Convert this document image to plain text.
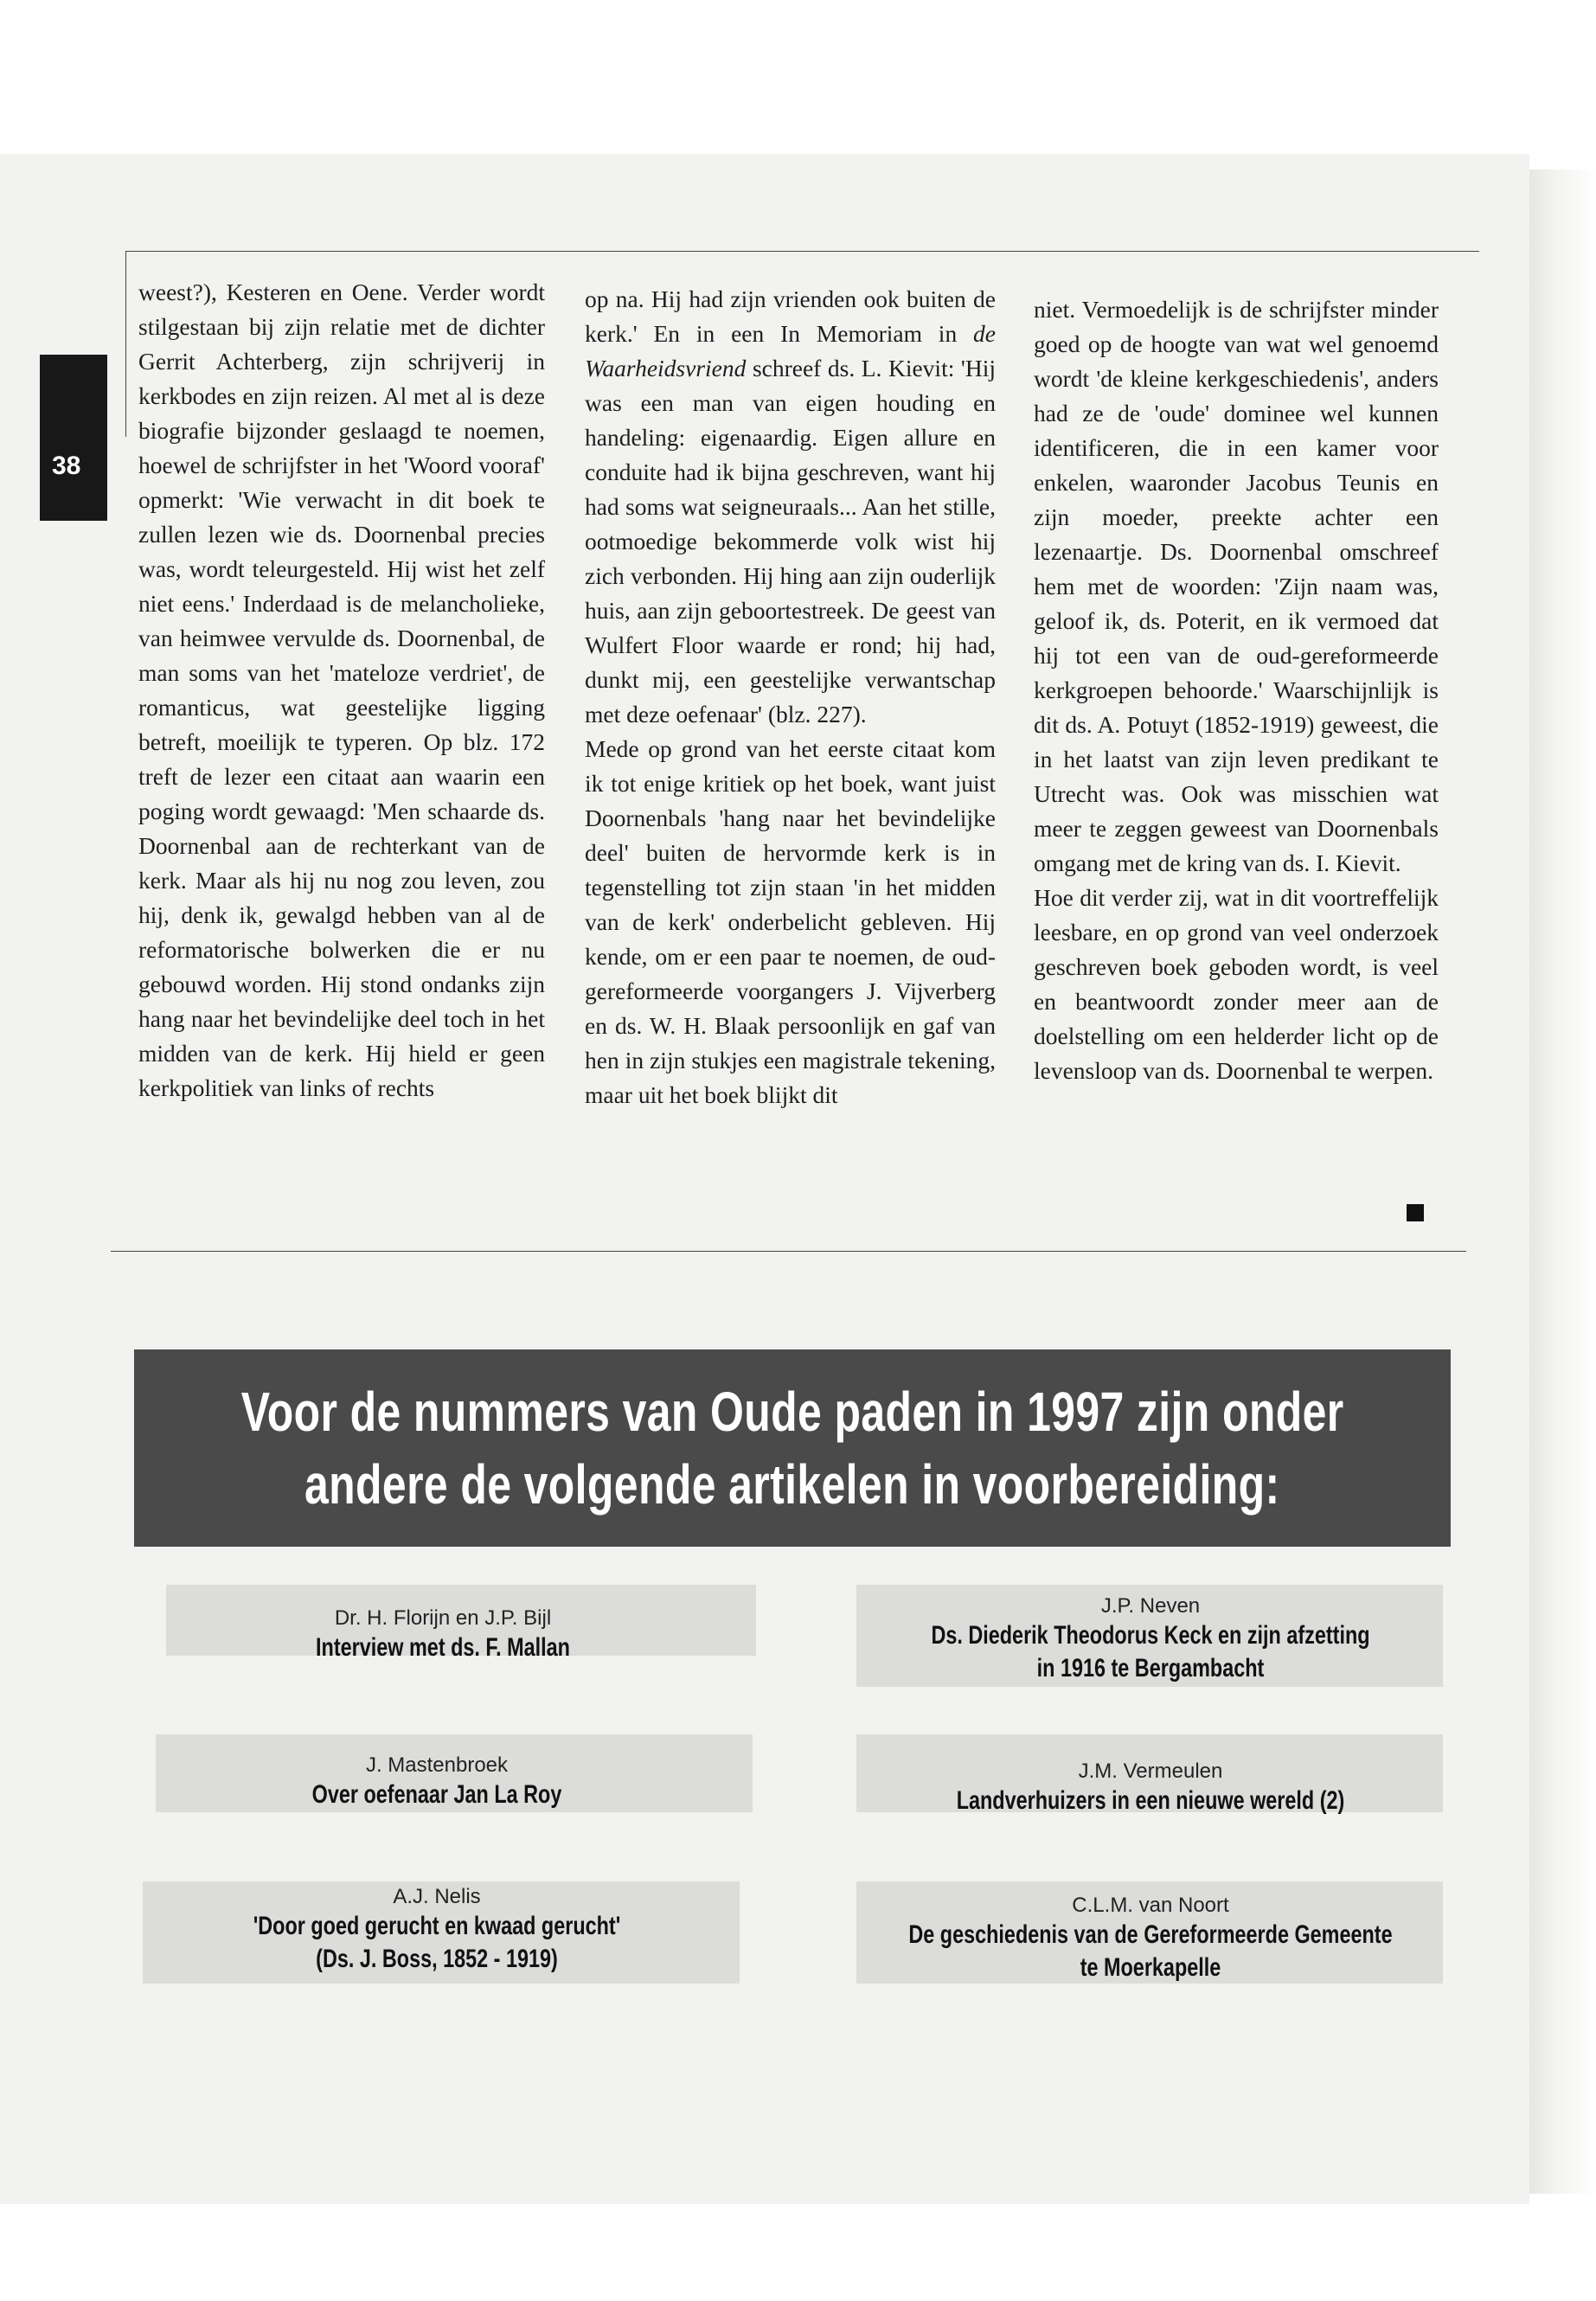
38

weest?), Kesteren en Oene. Verder wordt stilgestaan bij zijn relatie met de dichter Gerrit Achterberg, zijn schrijverij in kerkbodes en zijn reizen. Al met al is deze biografie bijzonder geslaagd te noemen, hoewel de schrijfster in het 'Woord vooraf' opmerkt: 'Wie verwacht in dit boek te zullen lezen wie ds. Doornenbal precies was, wordt teleurgesteld. Hij wist het zelf niet eens.' Inderdaad is de melancholieke, van heimwee vervulde ds. Doornenbal, de man soms van het 'mateloze verdriet', de romanticus, wat geestelijke ligging betreft, moeilijk te typeren. Op blz. 172 treft de lezer een citaat aan waarin een poging wordt gewaagd: 'Men schaarde ds. Doornenbal aan de rechterkant van de kerk. Maar als hij nu nog zou leven, zou hij, denk ik, gewalgd hebben van al de reformatorische bolwerken die er nu gebouwd worden. Hij stond ondanks zijn hang naar het bevindelijke deel toch in het midden van de kerk. Hij hield er geen kerkpolitiek van links of rechts

op na. Hij had zijn vrienden ook buiten de kerk.' En in een In Memoriam in de Waarheidsvriend schreef ds. L. Kievit: 'Hij was een man van eigen houding en handeling: eigenaardig. Eigen allure en conduite had ik bijna geschreven, want hij had soms wat seigneuraals... Aan het stille, ootmoedige bekommerde volk wist hij zich verbonden. Hij hing aan zijn ouderlijk huis, aan zijn geboortestreek. De geest van Wulfert Floor waarde er rond; hij had, dunkt mij, een geestelijke verwantschap met deze oefenaar' (blz. 227).

Mede op grond van het eerste citaat kom ik tot enige kritiek op het boek, want juist Doornenbals 'hang naar het bevindelijke deel' buiten de hervormde kerk is in tegenstelling tot zijn staan 'in het midden van de kerk' onderbelicht gebleven. Hij kende, om er een paar te noemen, de oud-gereformeerde voorgangers J. Vijverberg en ds. W. H. Blaak persoonlijk en gaf van hen in zijn stukjes een magistrale tekening, maar uit het boek blijkt dit

niet. Vermoedelijk is de schrijfster minder goed op de hoogte van wat wel genoemd wordt 'de kleine kerkgeschiedenis', anders had ze de 'oude' dominee wel kunnen identificeren, die in een kamer voor enkelen, waaronder Jacobus Teunis en zijn moeder, preekte achter een lezenaartje. Ds. Doornenbal omschreef hem met de woorden: 'Zijn naam was, geloof ik, ds. Poterit, en ik vermoed dat hij tot een van de oud-gereformeerde kerkgroepen behoorde.' Waarschijnlijk is dit ds. A. Potuyt (1852-1919) geweest, die in het laatst van zijn leven predikant te Utrecht was. Ook was misschien wat meer te zeggen geweest van Doornenbals omgang met de kring van ds. I. Kievit.

Hoe dit verder zij, wat in dit voortreffelijk leesbare, en op grond van veel onderzoek geschreven boek geboden wordt, is veel en beantwoordt zonder meer aan de doelstelling om een helderder licht op de levensloop van ds. Doornenbal te werpen.

Voor de nummers van Oude paden in 1997 zijn onder
andere de volgende artikelen in voorbereiding:
Dr. H. Florijn en J.P. Bijl
Interview met ds. F. Mallan
J.P. Neven
Ds. Diederik Theodorus Keck en zijn afzetting
in 1916 te Bergambacht
J. Mastenbroek
Over oefenaar Jan La Roy
J.M. Vermeulen
Landverhuizers in een nieuwe wereld (2)
A.J. Nelis
'Door goed gerucht en kwaad gerucht'
(Ds. J. Boss, 1852 - 1919)
C.L.M. van Noort
De geschiedenis van de Gereformeerde Gemeente
te Moerkapelle
